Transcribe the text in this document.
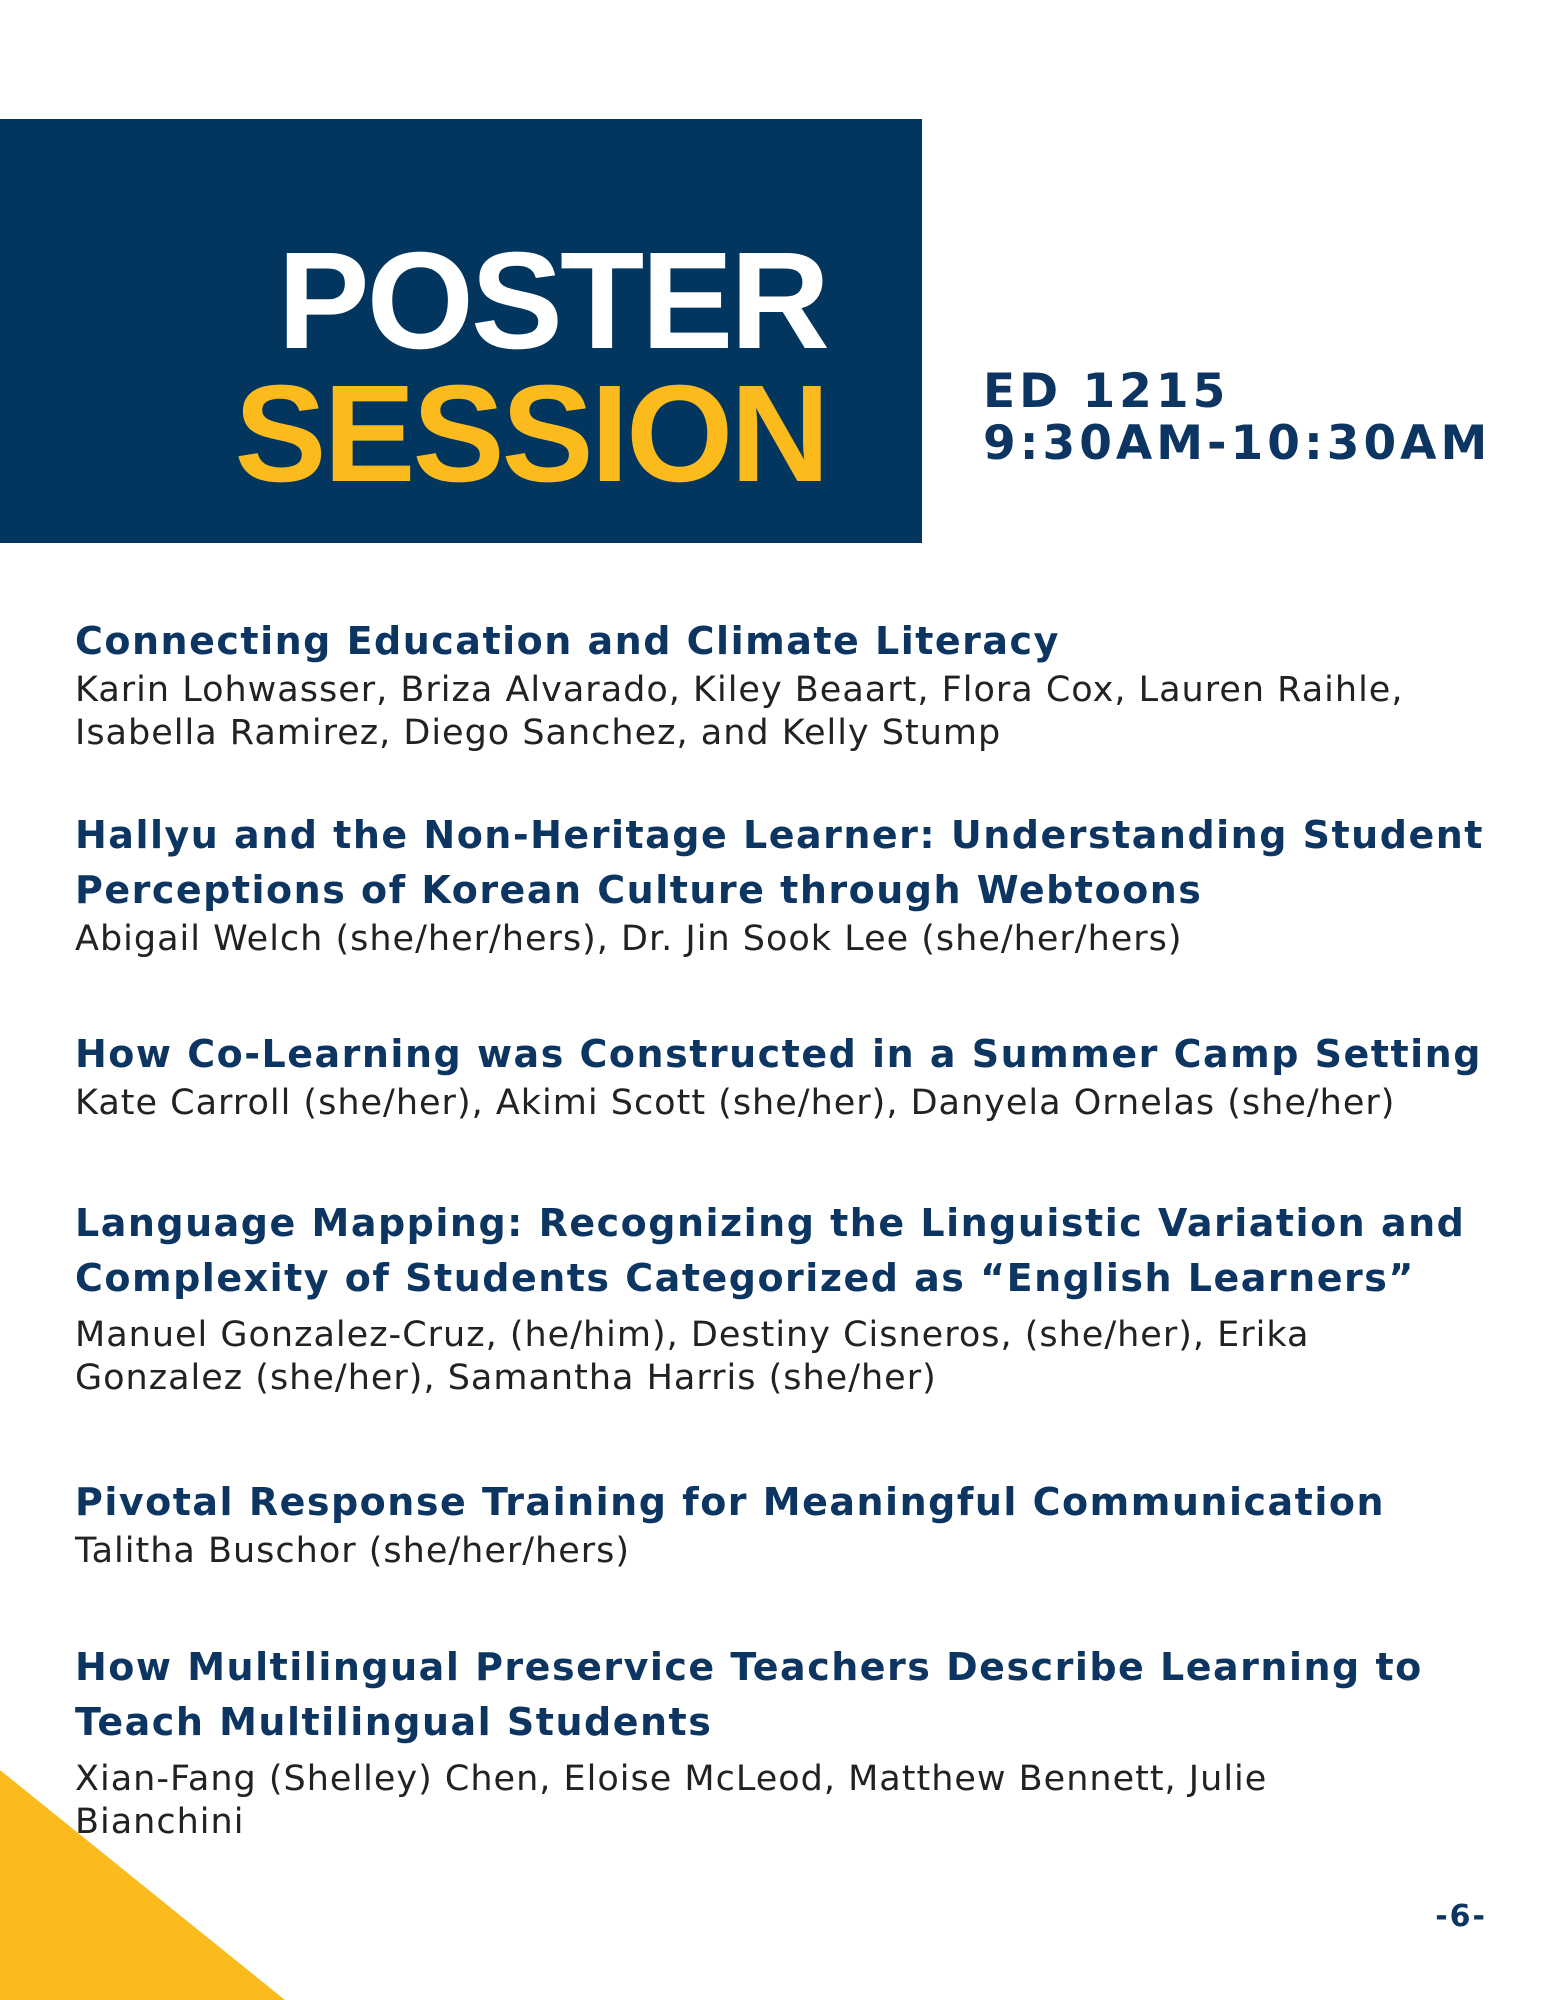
POSTER
SESSION	ED 1215
9:30AM-10:30AM
Connecting Education and Climate Literacy
Karin Lohwasser, Briza Alvarado, Kiley Beaart, Flora Cox, Lauren Raihle,
Isabella Ramirez, Diego Sanchez, and Kelly Stump
Hallyu and the Non-Heritage Learner: Understanding Student
Perceptions of Korean Culture through Webtoons
Abigail Welch (she/her/hers), Dr. Jin Sook Lee (she/her/hers)
How Co-Learning was Constructed in a Summer Camp Setting
Kate Carroll (she/her), Akimi Scott (she/her), Danyela Ornelas (she/her)
Language Mapping: Recognizing the Linguistic Variation and
Complexity of Students Categorized as “English Learners”
Manuel Gonzalez-Cruz, (he/him), Destiny Cisneros, (she/her), Erika
Gonzalez (she/her), Samantha Harris (she/her)
Pivotal Response Training for Meaningful Communication
Talitha Buschor (she/her/hers)
How Multilingual Preservice Teachers Describe Learning to
Teach Multilingual Students
Xian-Fang (Shelley) Chen, Eloise McLeod, Matthew Bennett, Julie
Bianchini
-6-
